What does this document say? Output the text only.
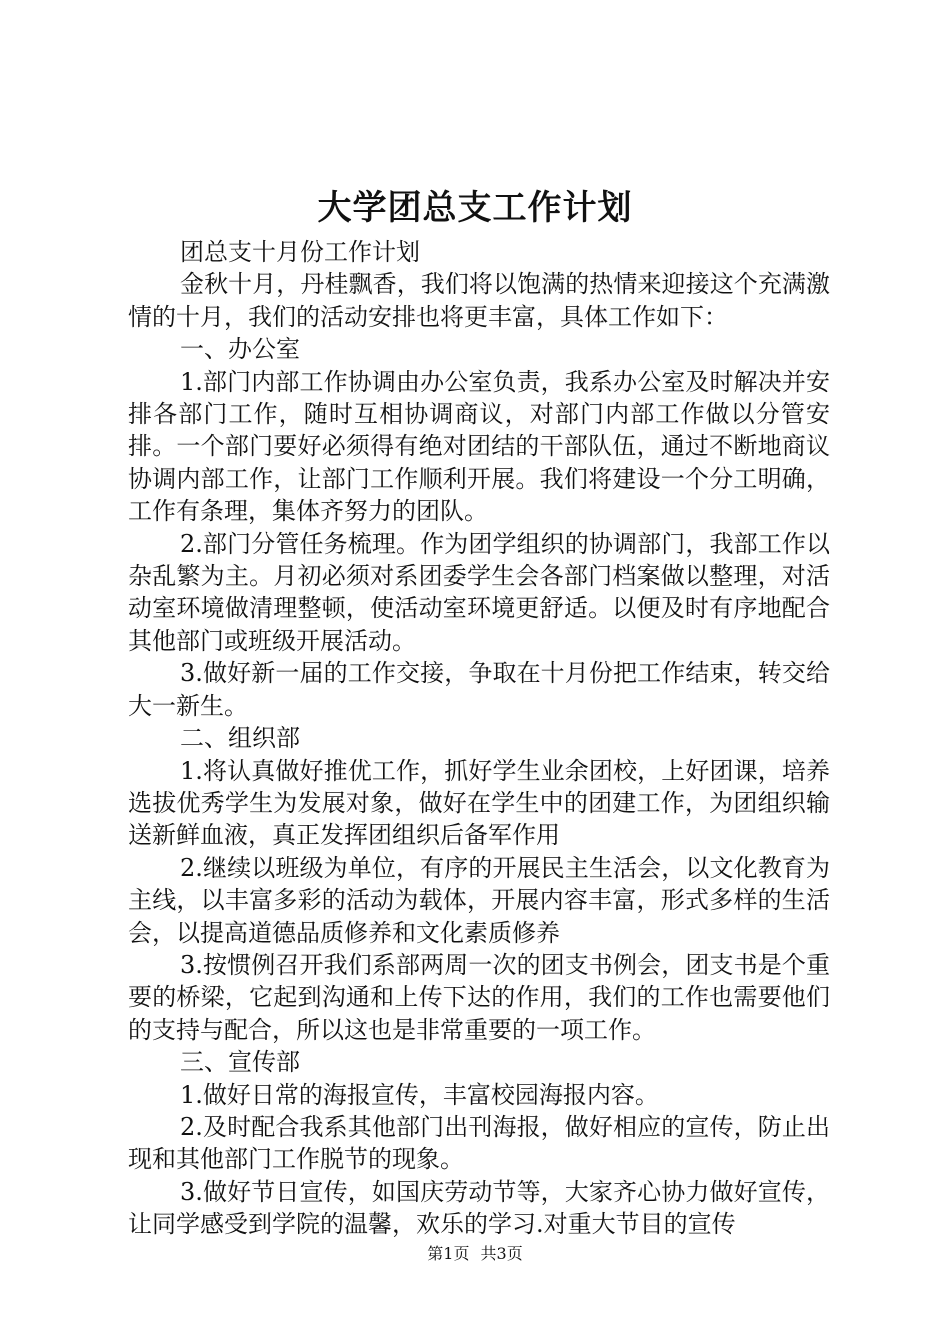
大学团总支工作计划

团总支十月份工作计划

金秋十月，丹桂飘香，我们将以饱满的热情来迎接这个充满激情的十月，我们的活动安排也将更丰富，具体工作如下：

一、办公室

1.部门内部工作协调由办公室负责，我系办公室及时解决并安排各部门工作，随时互相协调商议，对部门内部工作做以分管安排。一个部门要好必须得有绝对团结的干部队伍，通过不断地商议协调内部工作，让部门工作顺利开展。我们将建设一个分工明确，工作有条理，集体齐努力的团队。

2.部门分管任务梳理。作为团学组织的协调部门，我部工作以杂乱繁为主。月初必须对系团委学生会各部门档案做以整理，对活动室环境做清理整顿，使活动室环境更舒适。以便及时有序地配合其他部门或班级开展活动。

3.做好新一届的工作交接，争取在十月份把工作结束，转交给大一新生。

二、组织部

1.将认真做好推优工作，抓好学生业余团校，上好团课，培养选拔优秀学生为发展对象，做好在学生中的团建工作，为团组织输送新鲜血液，真正发挥团组织后备军作用

2.继续以班级为单位，有序的开展民主生活会，以文化教育为主线，以丰富多彩的活动为载体，开展内容丰富，形式多样的生活会，以提高道德品质修养和文化素质修养

3.按惯例召开我们系部两周一次的团支书例会，团支书是个重要的桥梁，它起到沟通和上传下达的作用，我们的工作也需要他们的支持与配合，所以这也是非常重要的一项工作。

三、宣传部

1.做好日常的海报宣传，丰富校园海报内容。

2.及时配合我系其他部门出刊海报，做好相应的宣传，防止出现和其他部门工作脱节的现象。

3.做好节日宣传，如国庆劳动节等，大家齐心协力做好宣传，让同学感受到学院的温馨，欢乐的学习.对重大节目的宣传

第1页 共3页
